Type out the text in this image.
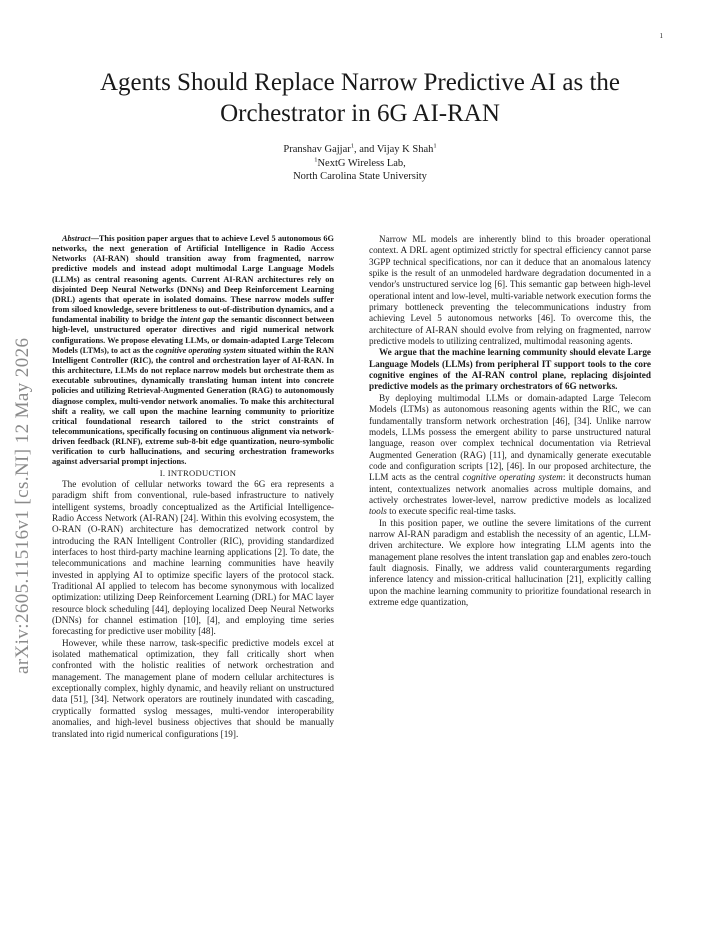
1
arXiv:2605.11516v1 [cs.NI] 12 May 2026
Agents Should Replace Narrow Predictive AI as the Orchestrator in 6G AI-RAN
Pranshav Gajjar$^1$, and Vijay K Shah$^1$
$^1$NextG Wireless Lab,
North Carolina State University

Abstract—This position paper argues that to achieve Level 5 autonomous 6G networks, the next generation of Artificial Intelligence in Radio Access Networks (AI-RAN) should transition away from fragmented, narrow predictive models and instead adopt multimodal Large Language Models (LLMs) as central reasoning agents. Current AI-RAN architectures rely on disjointed Deep Neural Networks (DNNs) and Deep Reinforcement Learning (DRL) agents that operate in isolated domains. These narrow models suffer from siloed knowledge, severe brittleness to out-of-distribution dynamics, and a fundamental inability to bridge the intent gap the semantic disconnect between high-level, unstructured operator directives and rigid numerical network configurations. We propose elevating LLMs, or domain-adapted Large Telecom Models (LTMs), to act as the cognitive operating system situated within the RAN Intelligent Controller (RIC), the control and orchestration layer of AI-RAN. In this architecture, LLMs do not replace narrow models but orchestrate them as executable subroutines, dynamically translating human intent into concrete policies and utilizing Retrieval-Augmented Generation (RAG) to autonomously diagnose complex, multi-vendor network anomalies. To make this architectural shift a reality, we call upon the machine learning community to prioritize critical foundational research tailored to the strict constraints of telecommunications, specifically focusing on continuous alignment via network-driven feedback (RLNF), extreme sub-8-bit edge quantization, neuro-symbolic verification to curb hallucinations, and securing orchestration frameworks against adversarial prompt injections.

I. INTRODUCTION

The evolution of cellular networks toward the 6G era represents a paradigm shift from conventional, rule-based infrastructure to natively intelligent systems, broadly conceptualized as the Artificial Intelligence-Radio Access Network (AI-RAN) [24]. Within this evolving ecosystem, the O-RAN (O-RAN) architecture has democratized network control by introducing the RAN Intelligent Controller (RIC), providing standardized interfaces to host third-party machine learning applications [2]. To date, the telecommunications and machine learning communities have heavily invested in applying AI to optimize specific layers of the protocol stack. Traditional AI applied to telecom has become synonymous with localized optimization: utilizing Deep Reinforcement Learning (DRL) for MAC layer resource block scheduling [44], deploying localized Deep Neural Networks (DNNs) for channel estimation [10], [4], and employing time series forecasting for predictive user mobility [48].

However, while these narrow, task-specific predictive models excel at isolated mathematical optimization, they fall critically short when confronted with the holistic realities of network orchestration and management. The management plane of modern cellular architectures is exceptionally complex, highly dynamic, and heavily reliant on unstructured data [51], [34]. Network operators are routinely inundated with cascading, cryptically formatted syslog messages, multi-vendor interoperability anomalies, and high-level business objectives that should be manually translated into rigid numerical configurations [19].

Narrow ML models are inherently blind to this broader operational context. A DRL agent optimized strictly for spectral efficiency cannot parse 3GPP technical specifications, nor can it deduce that an anomalous latency spike is the result of an unmodeled hardware degradation documented in a vendor's unstructured service log [6]. This semantic gap between high-level operational intent and low-level, multi-variable network execution forms the primary bottleneck preventing the telecommunications industry from achieving Level 5 autonomous networks [46]. To overcome this, the architecture of AI-RAN should evolve from relying on fragmented, narrow predictive models to utilizing centralized, multimodal reasoning agents.

We argue that the machine learning community should elevate Large Language Models (LLMs) from peripheral IT support tools to the core cognitive engines of the AI-RAN control plane, replacing disjointed predictive models as the primary orchestrators of 6G networks.

By deploying multimodal LLMs or domain-adapted Large Telecom Models (LTMs) as autonomous reasoning agents within the RIC, we can fundamentally transform network orchestration [46], [34]. Unlike narrow models, LLMs possess the emergent ability to parse unstructured natural language, reason over complex technical documentation via Retrieval Augmented Generation (RAG) [11], and dynamically generate executable code and configuration scripts [12], [46]. In our proposed architecture, the LLM acts as the central cognitive operating system: it deconstructs human intent, contextualizes network anomalies across multiple domains, and actively orchestrates lower-level, narrow predictive models as localized tools to execute specific real-time tasks.

In this position paper, we outline the severe limitations of the current narrow AI-RAN paradigm and establish the necessity of an agentic, LLM-driven architecture. We explore how integrating LLM agents into the management plane resolves the intent translation gap and enables zero-touch fault diagnosis. Finally, we address valid counterarguments regarding inference latency and mission-critical hallucination [21], explicitly calling upon the machine learning community to prioritize foundational research in extreme edge quantization,
